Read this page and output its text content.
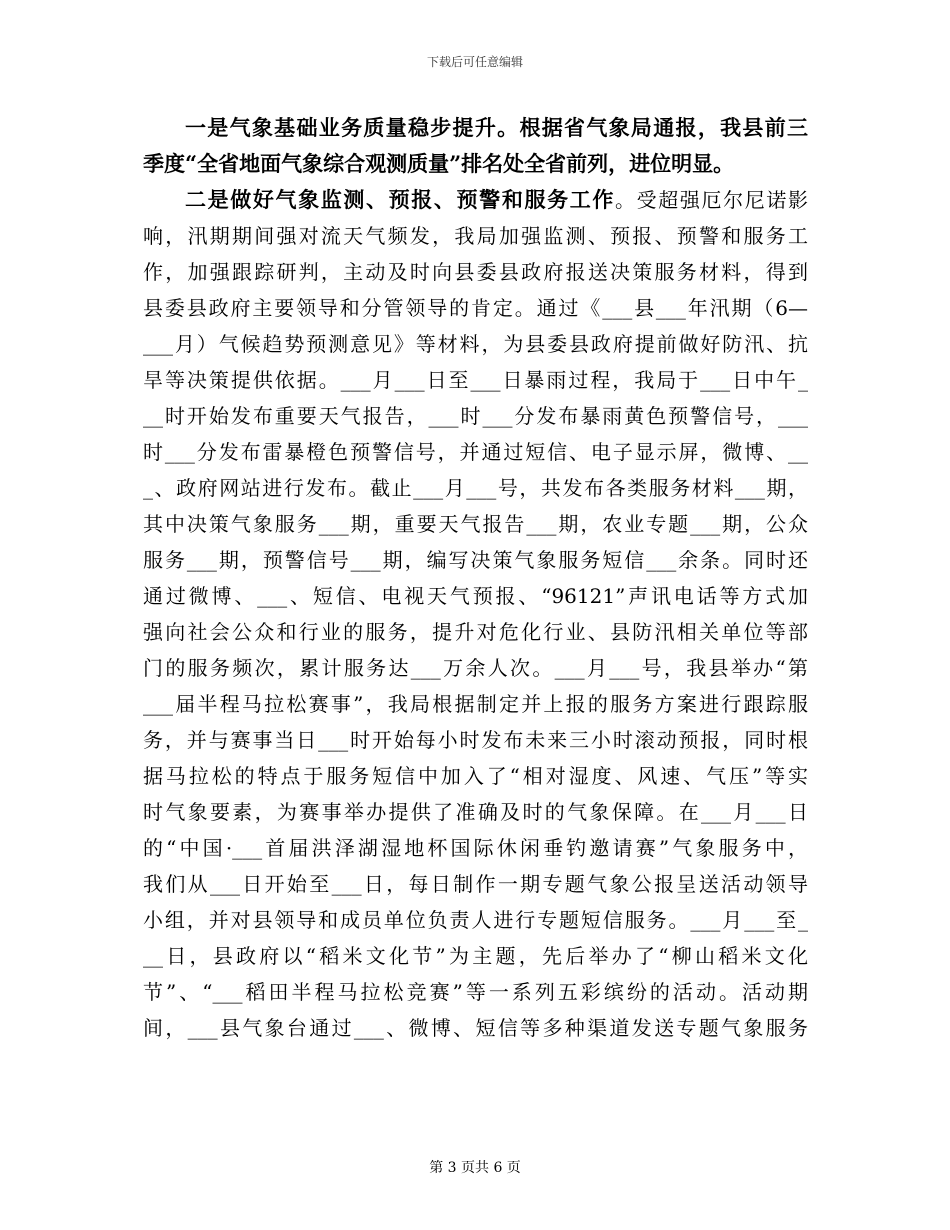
下载后可任意编辑
一是气象基础业务质量稳步提升。根据省气象局通报，我县前三
季度“全省地面气象综合观测质量”排名处全省前列，进位明显。
二是做好气象监测、预报、预警和服务工作。受超强厄尔尼诺影
响，汛期期间强对流天气频发，我局加强监测、预报、预警和服务工
作，加强跟踪研判，主动及时向县委县政府报送决策服务材料，得到
县委县政府主要领导和分管领导的肯定。通过《___县___年汛期（6—
___月）气候趋势预测意见》等材料，为县委县政府提前做好防汛、抗
旱等决策提供依据。___月___日至___日暴雨过程，我局于___日中午_
__时开始发布重要天气报告，___时___分发布暴雨黄色预警信号，___
时___分发布雷暴橙色预警信号，并通过短信、电子显示屏，微博、__
_、政府网站进行发布。截止___月___号，共发布各类服务材料___期，
其中决策气象服务___期，重要天气报告___期，农业专题___期，公众
服务___期，预警信号___期，编写决策气象服务短信___余条。同时还
通过微博、___、短信、电视天气预报、“96121”声讯电话等方式加
强向社会公众和行业的服务，提升对危化行业、县防汛相关单位等部
门的服务频次，累计服务达___万余人次。___月___号，我县举办“第
___届半程马拉松赛事”，我局根据制定并上报的服务方案进行跟踪服
务，并与赛事当日___时开始每小时发布未来三小时滚动预报，同时根
据马拉松的特点于服务短信中加入了“相对湿度、风速、气压”等实
时气象要素，为赛事举办提供了准确及时的气象保障。在___月___日
的“中国·___首届洪泽湖湿地杯国际休闲垂钓邀请赛”气象服务中，
我们从___日开始至___日，每日制作一期专题气象公报呈送活动领导
小组，并对县领导和成员单位负责人进行专题短信服务。___月___至_
__日，县政府以“稻米文化节”为主题，先后举办了“柳山稻米文化
节”、“___稻田半程马拉松竞赛”等一系列五彩缤纷的活动。活动期
间，___县气象台通过___、微博、短信等多种渠道发送专题气象服务
第 3 页共 6 页
